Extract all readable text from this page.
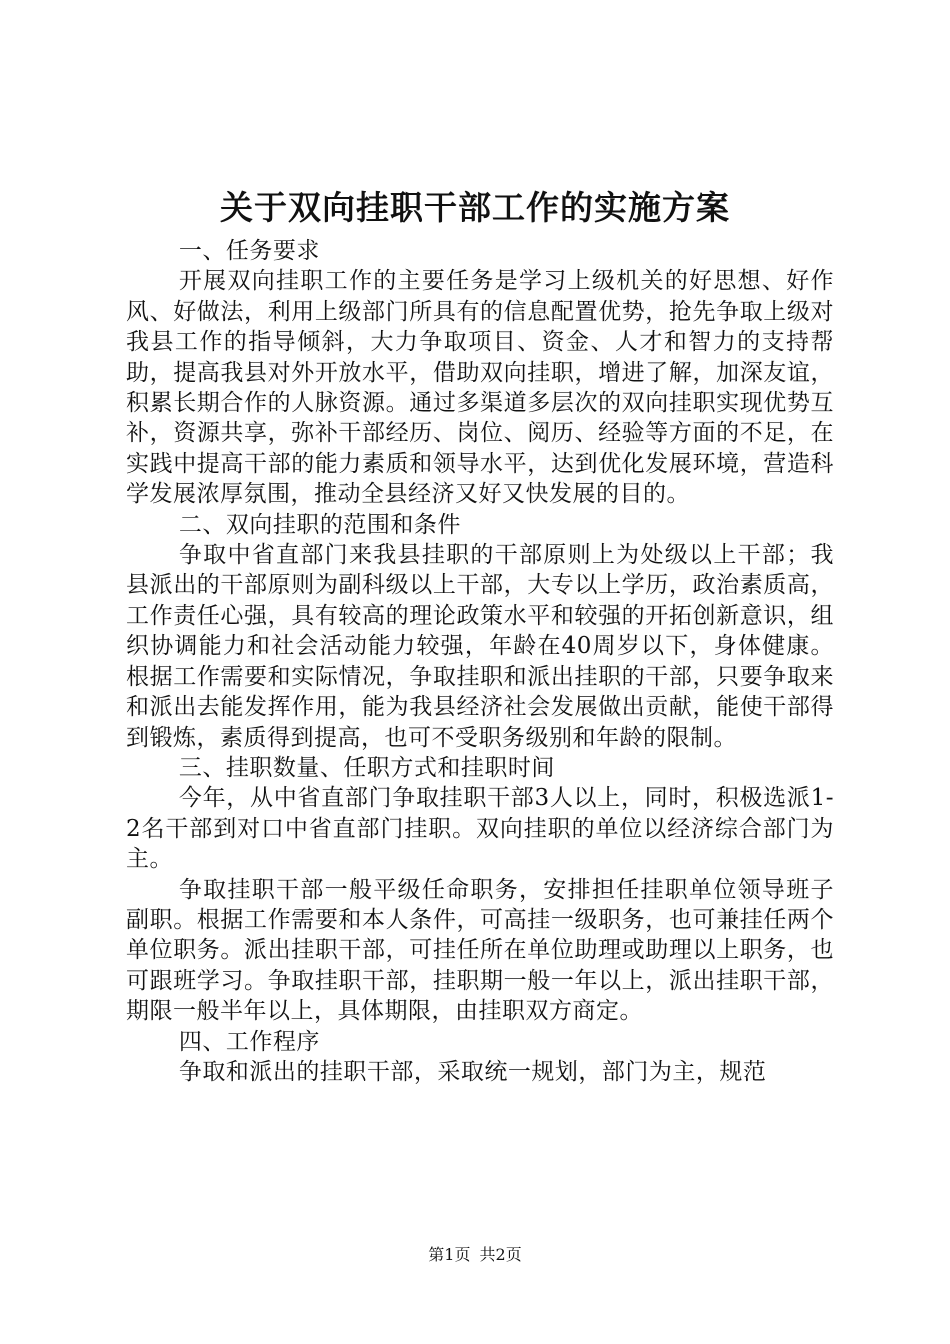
关于双向挂职干部工作的实施方案

一、任务要求

开展双向挂职工作的主要任务是学习上级机关的好思想、好作风、好做法，利用上级部门所具有的信息配置优势，抢先争取上级对我县工作的指导倾斜，大力争取项目、资金、人才和智力的支持帮助，提高我县对外开放水平，借助双向挂职，增进了解，加深友谊，积累长期合作的人脉资源。通过多渠道多层次的双向挂职实现优势互补，资源共享，弥补干部经历、岗位、阅历、经验等方面的不足，在实践中提高干部的能力素质和领导水平，达到优化发展环境，营造科学发展浓厚氛围，推动全县经济又好又快发展的目的。

二、双向挂职的范围和条件

争取中省直部门来我县挂职的干部原则上为处级以上干部；我县派出的干部原则为副科级以上干部，大专以上学历，政治素质高，工作责任心强，具有较高的理论政策水平和较强的开拓创新意识，组织协调能力和社会活动能力较强，年龄在40周岁以下，身体健康。根据工作需要和实际情况，争取挂职和派出挂职的干部，只要争取来和派出去能发挥作用，能为我县经济社会发展做出贡献，能使干部得到锻炼，素质得到提高，也可不受职务级别和年龄的限制。

三、挂职数量、任职方式和挂职时间

今年，从中省直部门争取挂职干部3人以上，同时，积极选派1-2名干部到对口中省直部门挂职。双向挂职的单位以经济综合部门为主。

争取挂职干部一般平级任命职务，安排担任挂职单位领导班子副职。根据工作需要和本人条件，可高挂一级职务，也可兼挂任两个单位职务。派出挂职干部，可挂任所在单位助理或助理以上职务，也可跟班学习。争取挂职干部，挂职期一般一年以上，派出挂职干部，期限一般半年以上，具体期限，由挂职双方商定。

四、工作程序

争取和派出的挂职干部，采取统一规划，部门为主，规范

第1页 共2页
